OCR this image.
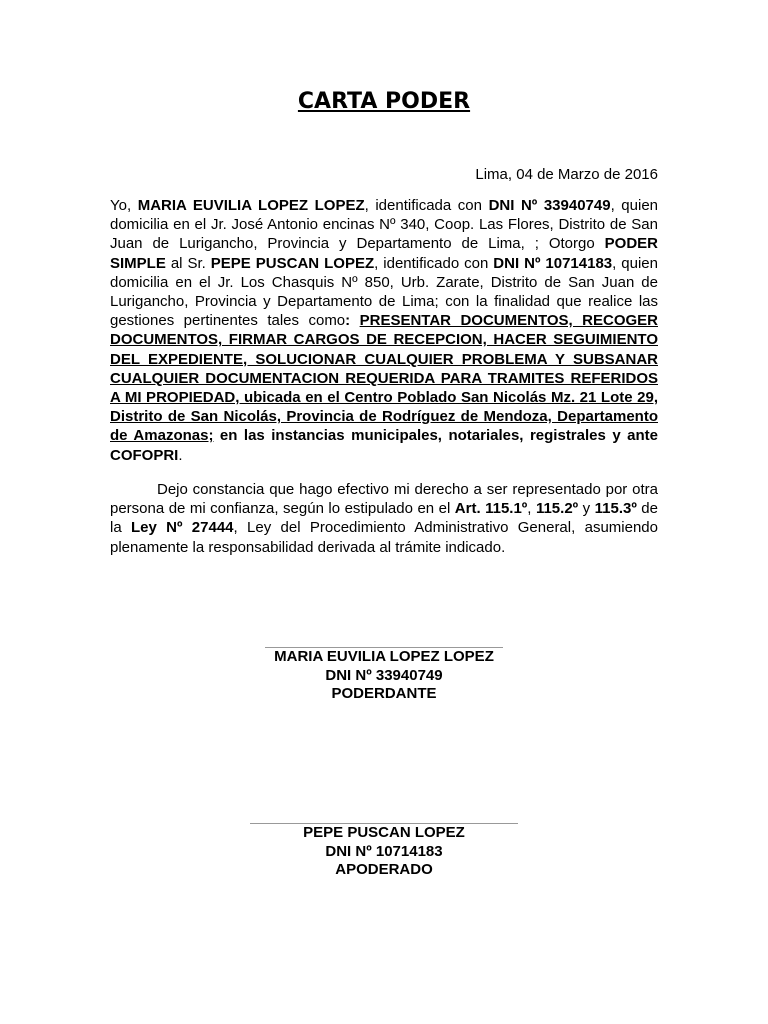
CARTA PODER
Lima, 04 de Marzo de 2016

Yo, MARIA EUVILIA LOPEZ LOPEZ, identificada con DNI Nº 33940749, quien domicilia en el Jr. José Antonio encinas Nº 340, Coop. Las Flores, Distrito de San Juan de Lurigancho, Provincia y Departamento de Lima, ; Otorgo PODER SIMPLE al Sr. PEPE PUSCAN LOPEZ, identificado con DNI Nº 10714183, quien domicilia en el Jr. Los Chasquis Nº 850, Urb. Zarate, Distrito de San Juan de Lurigancho, Provincia y Departamento de Lima; con la finalidad que realice las gestiones pertinentes tales como: PRESENTAR DOCUMENTOS, RECOGER DOCUMENTOS, FIRMAR CARGOS DE RECEPCION, HACER SEGUIMIENTO DEL EXPEDIENTE, SOLUCIONAR CUALQUIER PROBLEMA Y SUBSANAR CUALQUIER DOCUMENTACION REQUERIDA PARA TRAMITES REFERIDOS A MI PROPIEDAD, ubicada en el Centro Poblado San Nicolás Mz. 21 Lote 29, Distrito de San Nicolás, Provincia de Rodríguez de Mendoza, Departamento de Amazonas; en las instancias municipales, notariales, registrales y ante COFOPRI.

Dejo constancia que hago efectivo mi derecho a ser representado por otra persona de mi confianza, según lo estipulado en el Art. 115.1º, 115.2º y 115.3º de la Ley Nº 27444, Ley del Procedimiento Administrativo General, asumiendo plenamente la responsabilidad derivada al trámite indicado.

MARIA EUVILIA LOPEZ LOPEZ
DNI Nº 33940749
PODERDANTE
PEPE PUSCAN LOPEZ
DNI Nº 10714183
APODERADO
